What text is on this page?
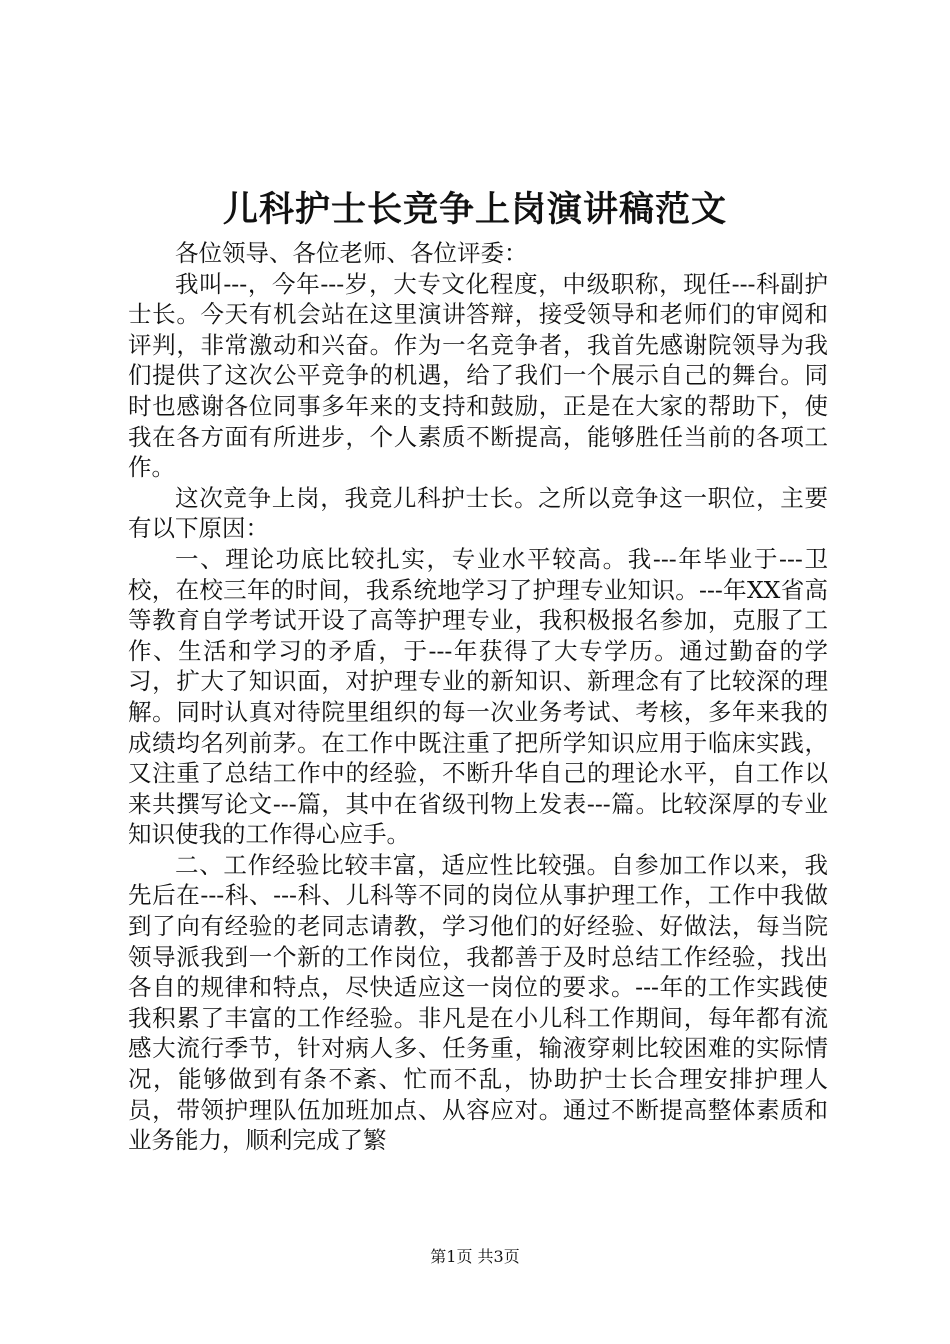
儿科护士长竞争上岗演讲稿范文

各位领导、各位老师、各位评委：

我叫---，今年---岁，大专文化程度，中级职称，现任---科副护士长。今天有机会站在这里演讲答辩，接受领导和老师们的审阅和评判，非常激动和兴奋。作为一名竞争者，我首先感谢院领导为我们提供了这次公平竞争的机遇，给了我们一个展示自己的舞台。同时也感谢各位同事多年来的支持和鼓励，正是在大家的帮助下，使我在各方面有所进步，个人素质不断提高，能够胜任当前的各项工作。

这次竞争上岗，我竞儿科护士长。之所以竞争这一职位，主要有以下原因：

一、理论功底比较扎实，专业水平较高。我---年毕业于---卫校，在校三年的时间，我系统地学习了护理专业知识。---年XX省高等教育自学考试开设了高等护理专业，我积极报名参加，克服了工作、生活和学习的矛盾，于---年获得了大专学历。通过勤奋的学习，扩大了知识面，对护理专业的新知识、新理念有了比较深的理解。同时认真对待院里组织的每一次业务考试、考核，多年来我的成绩均名列前茅。在工作中既注重了把所学知识应用于临床实践，又注重了总结工作中的经验，不断升华自己的理论水平，自工作以来共撰写论文---篇，其中在省级刊物上发表---篇。比较深厚的专业知识使我的工作得心应手。

二、工作经验比较丰富，适应性比较强。自参加工作以来，我先后在---科、---科、儿科等不同的岗位从事护理工作，工作中我做到了向有经验的老同志请教，学习他们的好经验、好做法，每当院领导派我到一个新的工作岗位，我都善于及时总结工作经验，找出各自的规律和特点，尽快适应这一岗位的要求。---年的工作实践使我积累了丰富的工作经验。非凡是在小儿科工作期间，每年都有流感大流行季节，针对病人多、任务重，输液穿刺比较困难的实际情况，能够做到有条不紊、忙而不乱，协助护士长合理安排护理人员，带领护理队伍加班加点、从容应对。通过不断提高整体素质和业务能力，顺利完成了繁

第1页 共3页
